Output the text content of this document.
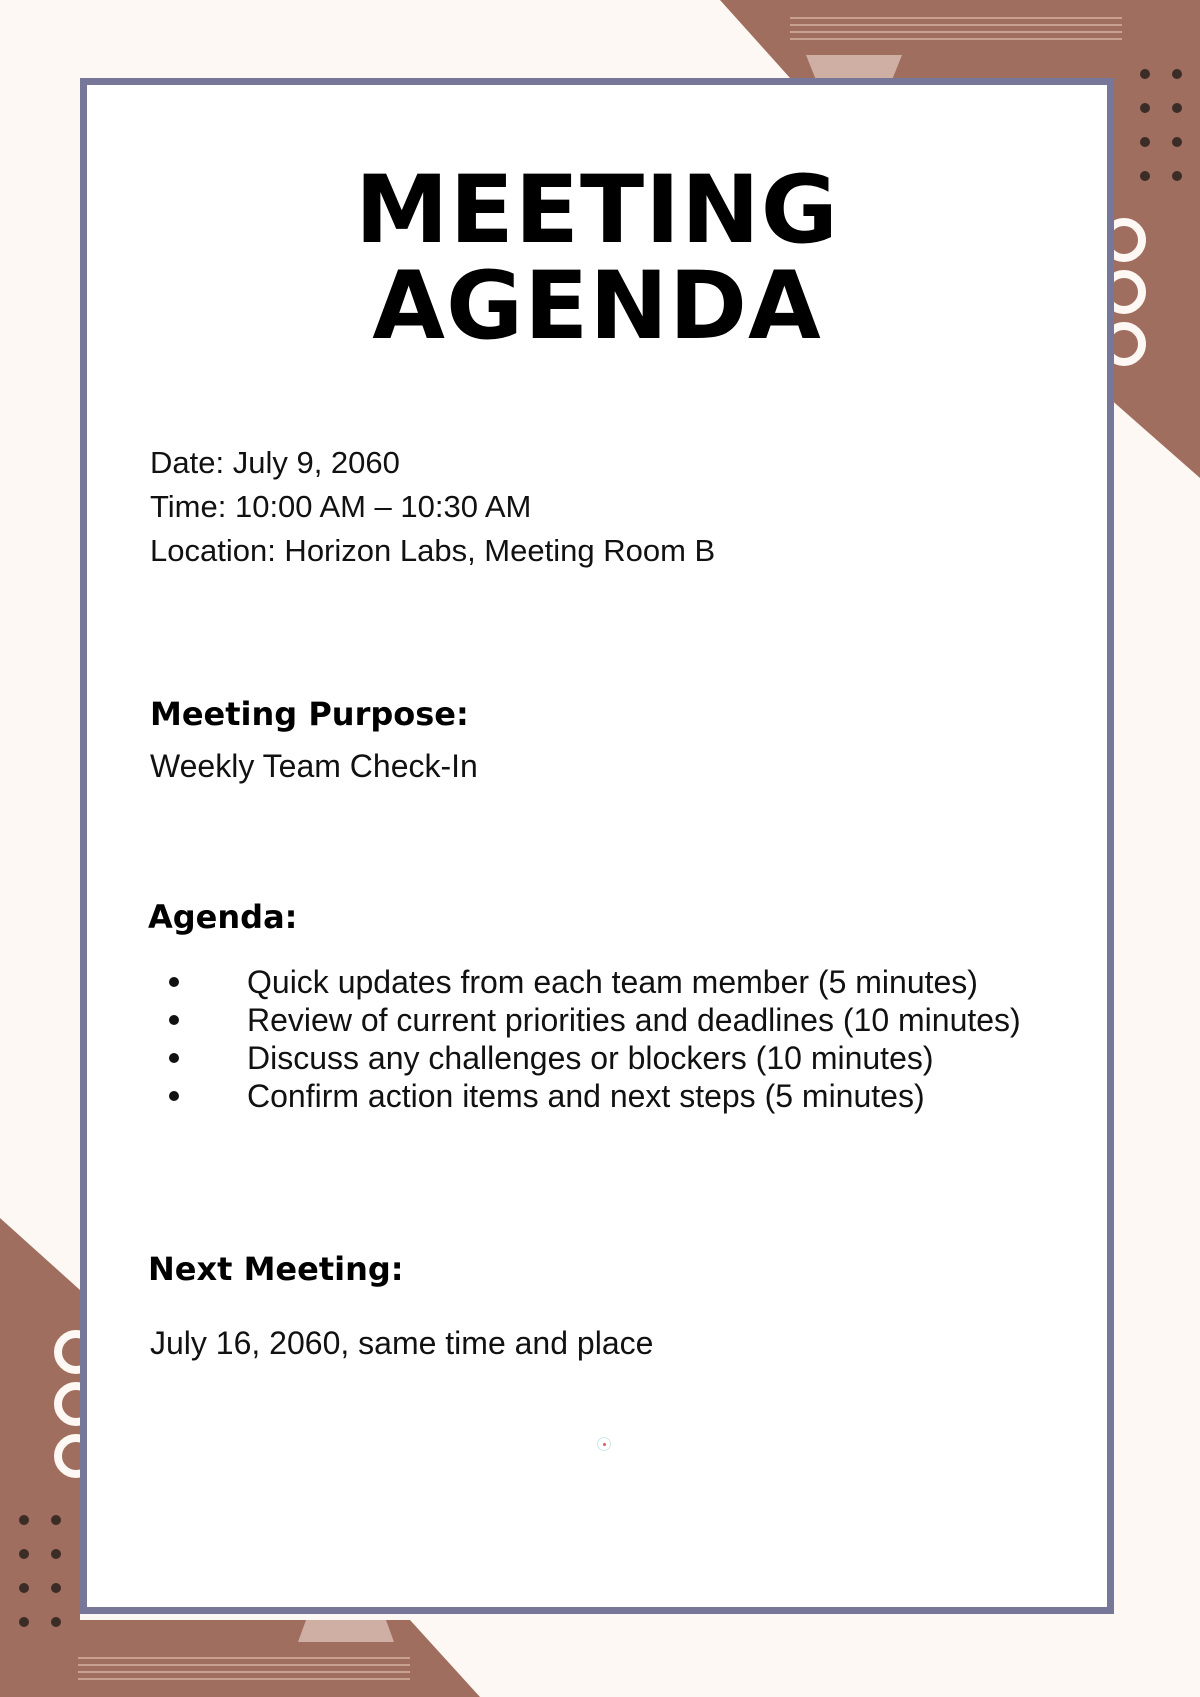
MEETING
AGENDA
Date: July 9, 2060
Time: 10:00 AM – 10:30 AM
Location: Horizon Labs, Meeting Room B
Meeting Purpose:
Weekly Team Check-In
Agenda:
Quick updates from each team member (5 minutes)
Review of current priorities and deadlines (10 minutes)
Discuss any challenges or blockers (10 minutes)
Confirm action items and next steps (5 minutes)
Next Meeting:
July 16, 2060, same time and place
